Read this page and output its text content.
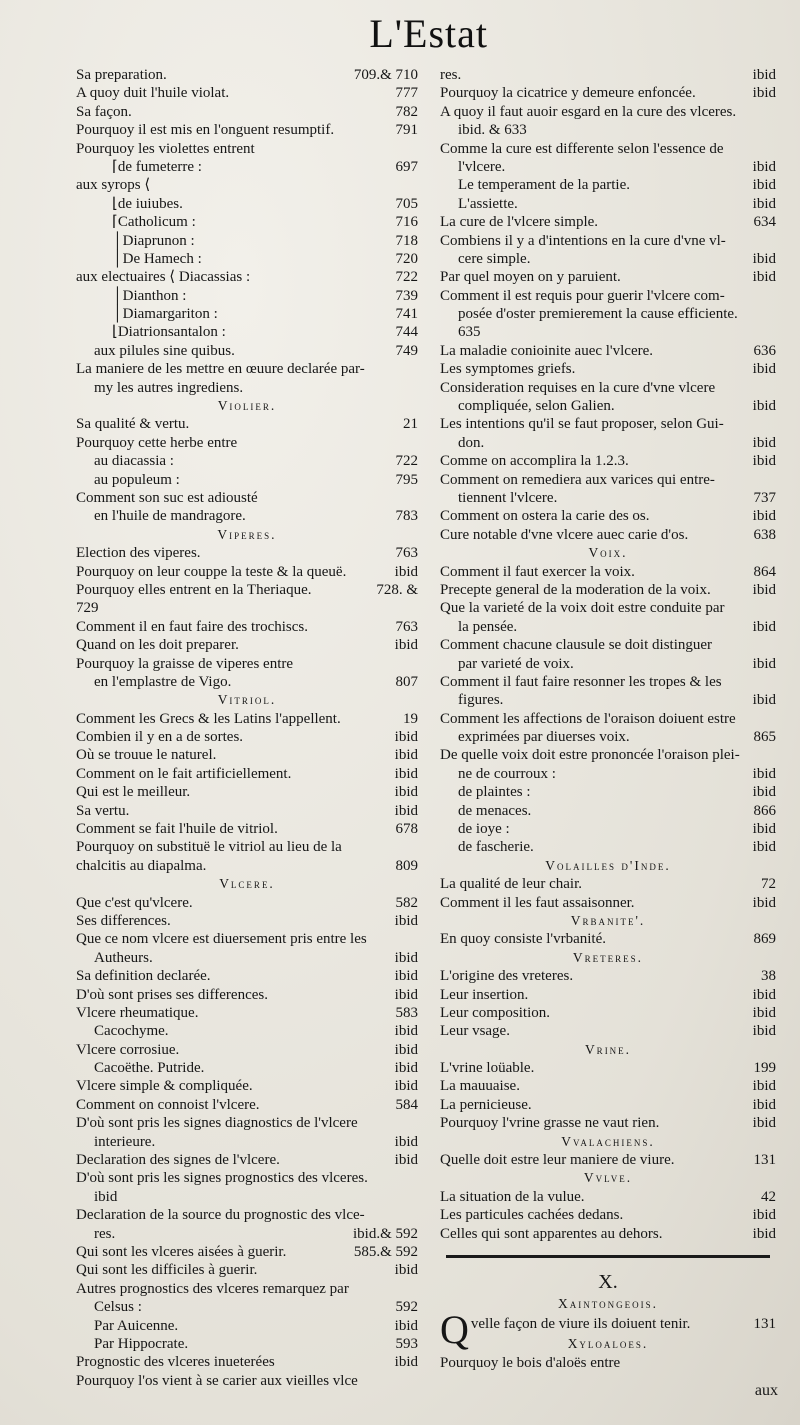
L'Estat
Sa preparation.	709.& 710
A quoy duit l'huile violat.	777
Sa façon.	782
Pourquoy il est mis en l'onguent resumptif.	791
Pourquoy les violettes entrent
⌈de fumeterre :	697
aux syrops ⟨
⌊de iuiubes.	705
⌈Catholicum :	716
│Diaprunon :	718
│De Hamech :	720
aux electuaires ⟨ Diacassias :	722
│Dianthon :	739
│Diamargariton :	741
⌊Diatrionsantalon :	744
aux pilules sine quibus.	749
La maniere de les mettre en œuure declarée par-
my les autres ingrediens.
Violier.
Sa qualité & vertu.	21
Pourquoy cette herbe entre
au diacassia :	722
au populeum :	795
Comment son suc est adiousté
en l'huile de mandragore.	783
Viperes.
Election des viperes.	763
Pourquoy on leur couppe la teste & la queuë.	ibid
Pourquoy elles entrent en la Theriaque.	728. &
729
Comment il en faut faire des trochiscs.	763
Quand on les doit preparer.	ibid
Pourquoy la graisse de viperes entre
en l'emplastre de Vigo.	807
Vitriol.
Comment les Grecs & les Latins l'appellent.	19
Combien il y en a de sortes.	ibid
Où se trouue le naturel.	ibid
Comment on le fait artificiellement.	ibid
Qui est le meilleur.	ibid
Sa vertu.	ibid
Comment se fait l'huile de vitriol.	678
Pourquoy on substituë le vitriol au lieu de la
chalcitis au diapalma.	809
Vlcere.
Que c'est qu'vlcere.	582
Ses differences.	ibid
Que ce nom vlcere est diuersement pris entre les
Autheurs.	ibid
Sa definition declarée.	ibid
D'où sont prises ses differences.	ibid
Vlcere rheumatique.	583
Cacochyme.	ibid
Vlcere corrosiue.	ibid
Cacoëthe. Putride.	ibid
Vlcere simple & compliquée.	ibid
Comment on connoist l'vlcere.	584
D'où sont pris les signes diagnostics de l'vlcere
interieure.	ibid
Declaration des signes de l'vlcere.	ibid
D'où sont pris les signes prognostics des vlceres.
ibid
Declaration de la source du prognostic des vlce-
res.	ibid.& 592
Qui sont les vlceres aisées à guerir.	585.& 592
Qui sont les difficiles à guerir.	ibid
Autres prognostics des vlceres remarquez par
Celsus :	592
Par Auicenne.	ibid
Par Hippocrate.	593
Prognostic des vlceres inueterées	ibid
Pourquoy l'os vient à se carier aux vieilles vlce
res.	ibid
Pourquoy la cicatrice y demeure enfoncée.	ibid
A quoy il faut auoir esgard en la cure des vlceres.
ibid. & 633
Comme la cure est differente selon l'essence de
l'vlcere.	ibid
Le temperament de la partie.	ibid
L'assiette.	ibid
La cure de l'vlcere simple.	634
Combiens il y a d'intentions en la cure d'vne vl-
cere simple.	ibid
Par quel moyen on y paruient.	ibid
Comment il est requis pour guerir l'vlcere com-
posée d'oster premierement la cause efficiente.
635
La maladie conioinite auec l'vlcere.	636
Les symptomes griefs.	ibid
Consideration requises en la cure d'vne vlcere
compliquée, selon Galien.	ibid
Les intentions qu'il se faut proposer, selon Gui-
don.	ibid
Comme on accomplira la 1.2.3.	ibid
Comment on remediera aux varices qui entre-
tiennent l'vlcere.	737
Comment on ostera la carie des os.	ibid
Cure notable d'vne vlcere auec carie d'os.	638
Voix.
Comment il faut exercer la voix.	864
Precepte general de la moderation de la voix.	ibid
Que la varieté de la voix doit estre conduite par
la pensée.	ibid
Comment chacune clausule se doit distinguer
par varieté de voix.	ibid
Comment il faut faire resonner les tropes & les
figures.	ibid
Comment les affections de l'oraison doiuent estre
exprimées par diuerses voix.	865
De quelle voix doit estre prononcée l'oraison plei-
ne de courroux :	ibid
de plaintes :	ibid
de menaces.	866
de ioye :	ibid
de fascherie.	ibid
Volailles d'Inde.
La qualité de leur chair.	72
Comment il les faut assaisonner.	ibid
Vrbanite'.
En quoy consiste l'vrbanité.	869
Vreteres.
L'origine des vreteres.	38
Leur insertion.	ibid
Leur composition.	ibid
Leur vsage.	ibid
Vrine.
L'vrine loüable.	199
La mauuaise.	ibid
La pernicieuse.	ibid
Pourquoy l'vrine grasse ne vaut rien.	ibid
Vvalachiens.
Quelle doit estre leur maniere de viure.	131
Vvlve.
La situation de la vulue.	42
Les particules cachées dedans.	ibid
Celles qui sont apparentes au dehors.	ibid
X.
Xaintongeois.
Q velle façon de viure ils doiuent tenir.	131
Xyloaloes.
Pourquoy le bois d'aloës entre
aux
